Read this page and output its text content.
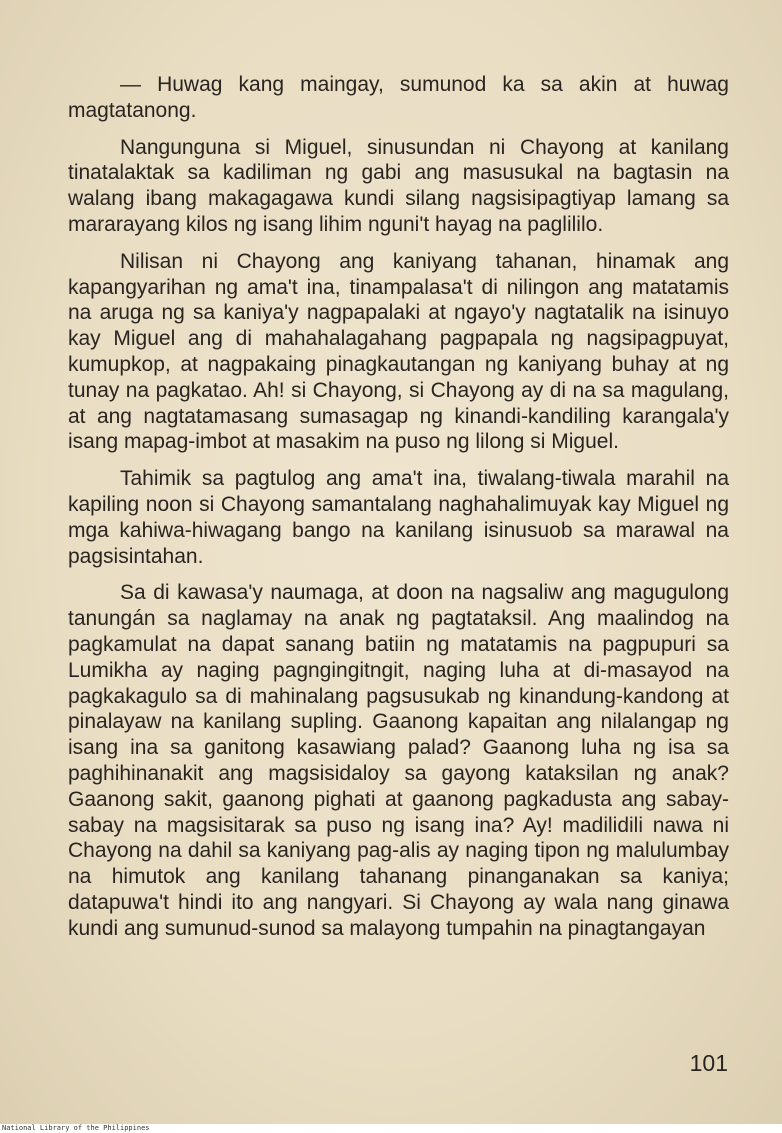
— Huwag kang maingay, sumunod ka sa akin at huwag magtatanong.

Nangunguna si Miguel, sinusundan ni Chayong at kanilang tinatalaktak sa kadiliman ng gabi ang masusukal na bagtasin na walang ibang makagagawa kundi silang nagsisipagtiyap lamang sa mararayang kilos ng isang lihim nguni't hayag na paglililo.

Nilisan ni Chayong ang kaniyang tahanan, hinamak ang kapangyarihan ng ama't ina, tinampalasa't di nilingon ang matatamis na aruga ng sa kaniya'y nagpapalaki at ngayo'y nagtatalik na isinuyo kay Miguel ang di mahahalagahang pagpapala ng nagsipagpuyat, kumupkop, at nagpakaing pinagkautangan ng kaniyang buhay at ng tunay na pagkatao. Ah! si Chayong, si Chayong ay di na sa magulang, at ang nagtatamasang sumasagap ng kinandi-kandiling karangala'y isang mapag-imbot at masakim na puso ng lilong si Miguel.

Tahimik sa pagtulog ang ama't ina, tiwalang-tiwala marahil na kapiling noon si Chayong samantalang naghahalimuyak kay Miguel ng mga kahiwa-hiwagang bango na kanilang isinusuob sa marawal na pagsisintahan.

Sa di kawasa'y naumaga, at doon na nagsaliw ang magugulong tanungán sa naglamay na anak ng pagtataksil. Ang maalindog na pagkamulat na dapat sanang batiin ng matatamis na pagpupuri sa Lumikha ay naging pagngingitngit, naging luha at di-masayod na pagkakagulo sa di mahinalang pagsusukab ng kinandung-kandong at pinalayaw na kanilang supling. Gaanong kapaitan ang nilalangap ng isang ina sa ganitong kasawiang palad? Gaanong luha ng isa sa paghihinanakit ang magsisidaloy sa gayong kataksilan ng anak? Gaanong sakit, gaanong pighati at gaanong pagkadusta ang sabay-sabay na magsisitarak sa puso ng isang ina? Ay! madilidili nawa ni Chayong na dahil sa kaniyang pag-alis ay naging tipon ng malulumbay na himutok ang kanilang tahanang pinanganakan sa kaniya; datapuwa't hindi ito ang nangyari. Si Chayong ay wala nang ginawa kundi ang sumunud-sunod sa malayong tumpahin na pinagtangayan

101
National Library of the Philippines
